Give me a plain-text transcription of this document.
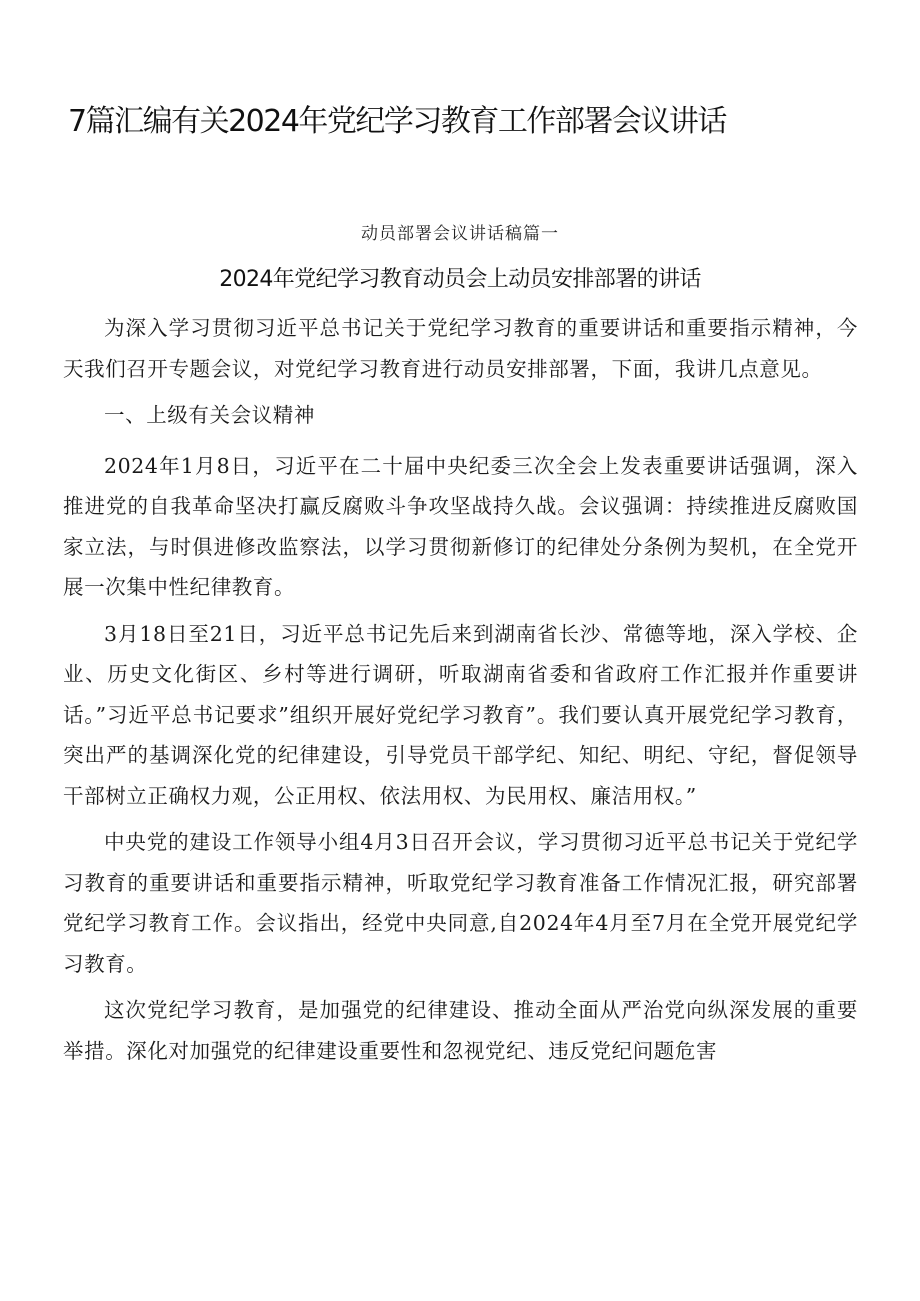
7篇汇编有关2024年党纪学习教育工作部署会议讲话
动员部署会议讲话稿篇一
2024年党纪学习教育动员会上动员安排部署的讲话

为深入学习贯彻习近平总书记关于党纪学习教育的重要讲话和重要指示精神，今天我们召开专题会议，对党纪学习教育进行动员安排部署，下面，我讲几点意见。

一、上级有关会议精神

2024年1月8日，习近平在二十届中央纪委三次全会上发表重要讲话强调，深入推进党的自我革命坚决打赢反腐败斗争攻坚战持久战。会议强调：持续推进反腐败国家立法，与时俱进修改监察法，以学习贯彻新修订的纪律处分条例为契机，在全党开展一次集中性纪律教育。

3月18日至21日，习近平总书记先后来到湖南省长沙、常德等地，深入学校、企业、历史文化街区、乡村等进行调研，听取湖南省委和省政府工作汇报并作重要讲话。”习近平总书记要求”组织开展好党纪学习教育”。我们要认真开展党纪学习教育，突出严的基调深化党的纪律建设，引导党员干部学纪、知纪、明纪、守纪，督促领导干部树立正确权力观，公正用权、依法用权、为民用权、廉洁用权。”

中央党的建设工作领导小组4月3日召开会议，学习贯彻习近平总书记关于党纪学习教育的重要讲话和重要指示精神，听取党纪学习教育准备工作情况汇报，研究部署党纪学习教育工作。会议指出，经党中央同意,自2024年4月至7月在全党开展党纪学习教育。

这次党纪学习教育，是加强党的纪律建设、推动全面从严治党向纵深发展的重要举措。深化对加强党的纪律建设重要性和忽视党纪、违反党纪问题危害
